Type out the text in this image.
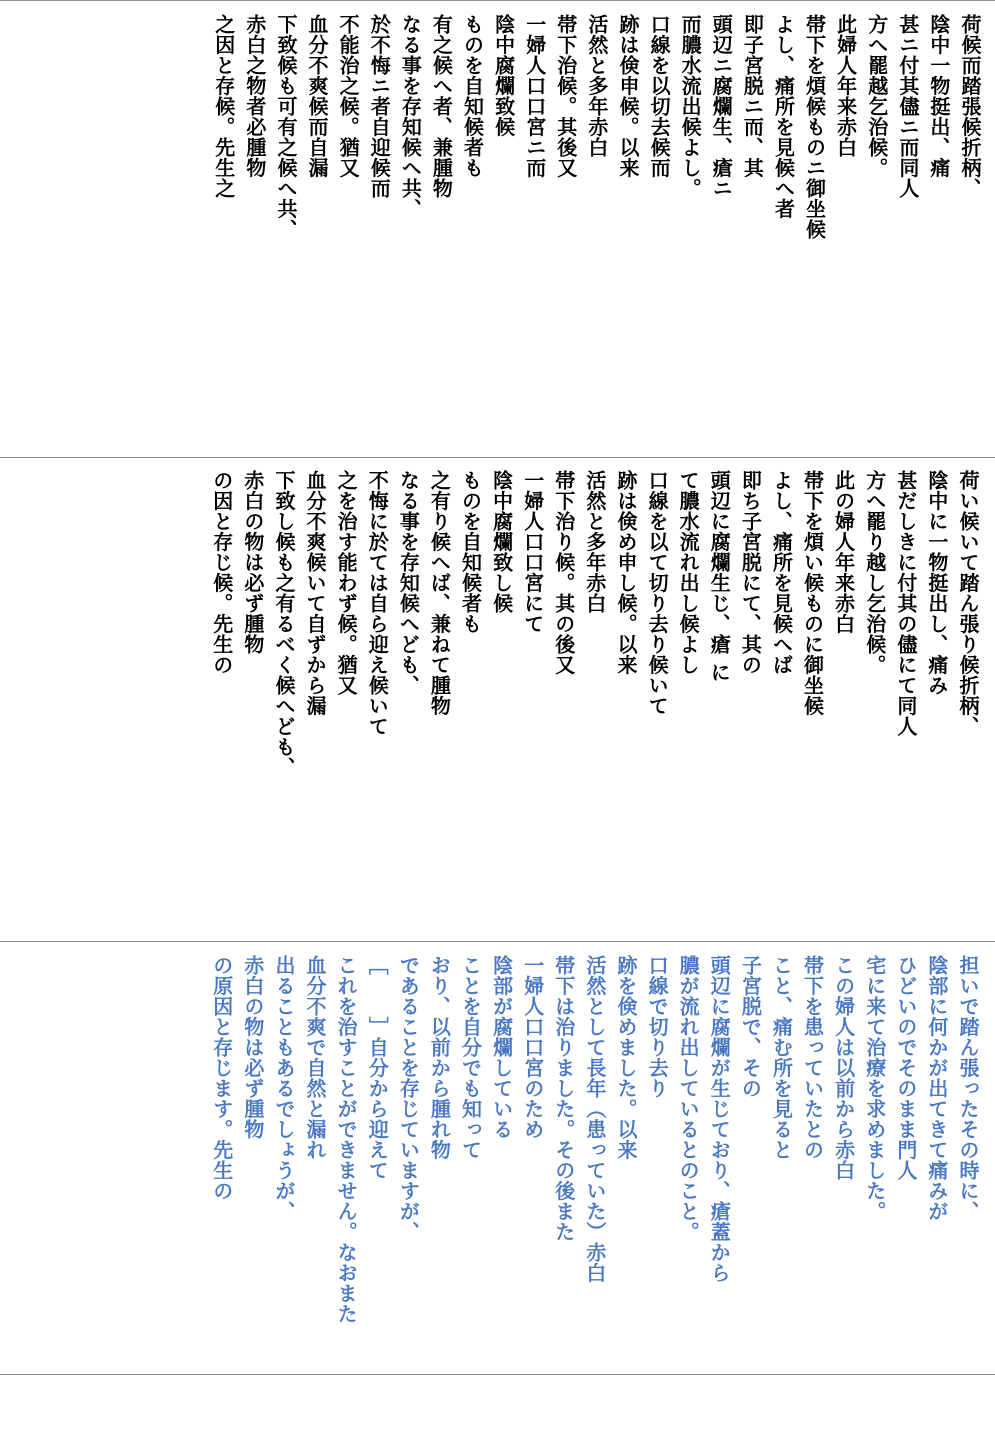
荷候而踏張候折柄、
陰中一物挺出、痛
甚ニ付其儘ニ而同人
方へ罷越乞治候。
此婦人年来赤白
帯下を煩候ものニ御坐候
よし、痛所を見候へ者
即子宮脱ニ而、其
頭辺ニ腐爛生、瘡ニ
而膿水流出候よし。
口線を以切去候而
跡は倹申候。以来
活然と多年赤白
帯下治候。其後又
一婦人口口宮ニ而
陰中腐爛致候
ものを自知候者も
有之候へ者、兼腫物
なる事を存知候へ共、
於不悔ニ者自迎候而
不能治之候。猶又
血分不爽候而自漏
下致候も可有之候へ共、
赤白之物者必腫物
之因と存候。先生之
荷い候いて踏ん張り候折柄、
陰中に一物挺出し、痛み
甚だしきに付其の儘にて同人
方へ罷り越し乞治候。
此の婦人年来赤白
帯下を煩い候ものに御坐候
よし、痛所を見候へば
即ち子宮脱にて、其の
頭辺に腐爛生じ、瘡 に
て膿水流れ出し候よし
口線を以て切り去り候いて
跡は倹め申し候。以来
活然と多年赤白
帯下治り候。其の後又
一婦人口口宮にて
陰中腐爛致し候
ものを自知候者も
之有り候へば、兼ねて腫物
なる事を存知候へども、
不悔に於ては自ら迎え候いて
之を治す能わず候。猶又
血分不爽候いて自ずから漏
下致し候も之有るべく候へども、
赤白の物は必ず腫物
の因と存じ候。先生の
担いで踏ん張ったその時に、
陰部に何かが出てきて痛みが
ひどいのでそのまま門人
宅に来て治療を求めました。
この婦人は以前から赤白
帯下を患っていたとの
こと、痛む所を見ると
子宮脱で、その
頭辺に腐爛が生じており、瘡蓋から
膿が流れ出しているとのこと。
口線で切り去り
跡を倹めました。以来
活然として長年（患っていた）赤白
帯下は治りました。その後また
一婦人口口宮のため
陰部が腐爛している
ことを自分でも知って
おり、以前から腫れ物
であることを存じていますが、
［　　］自分から迎えて
これを治すことができません。なおまた
血分不爽で自然と漏れ
出ることもあるでしょうが、
赤白の物は必ず腫物
の原因と存じます。先生の
